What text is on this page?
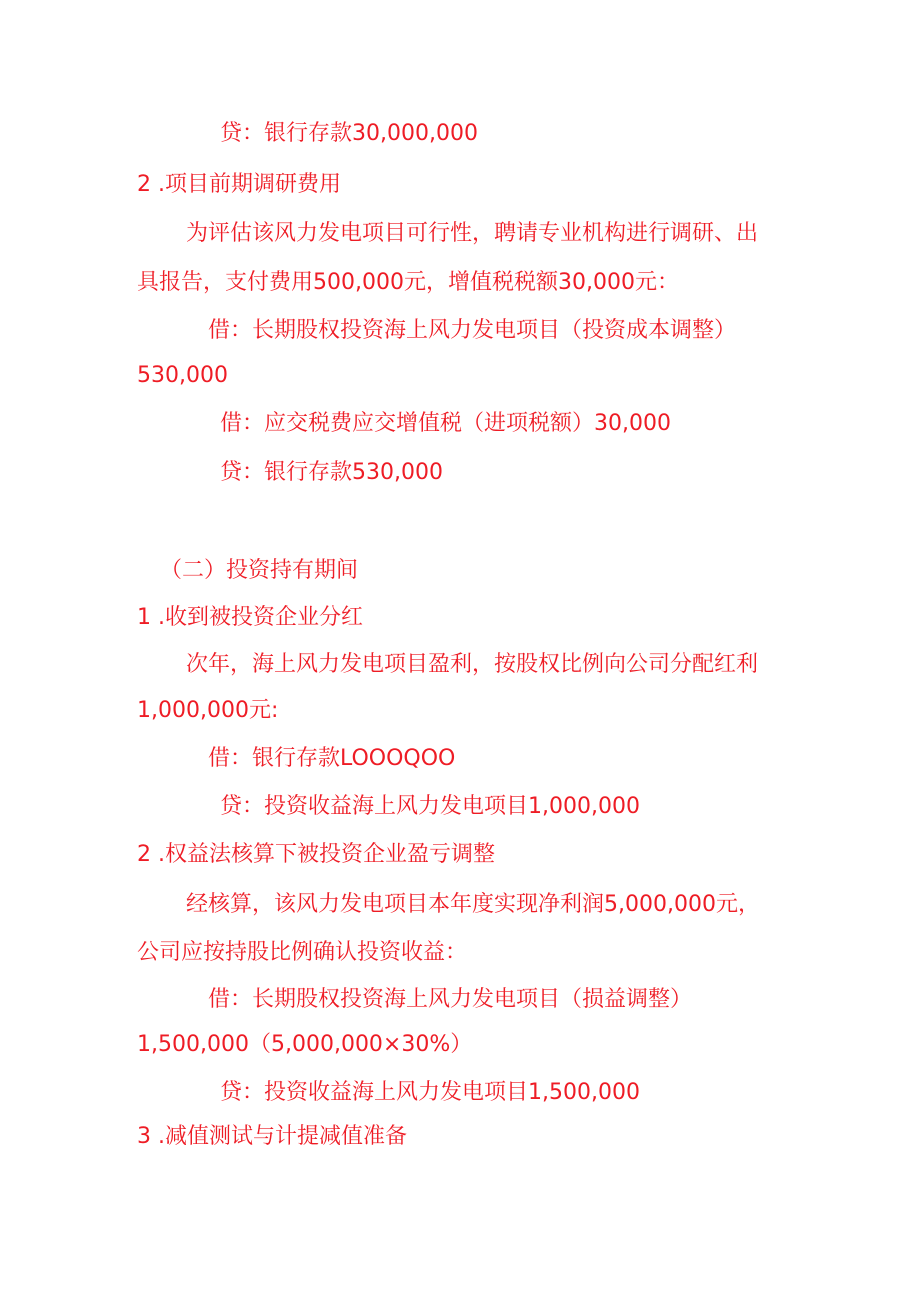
贷：银行存款30,000,000
2 .项目前期调研费用
为评估该风力发电项目可行性，聘请专业机构进行调研、出
具报告，支付费用500,000元，增值税税额30,000元：
借：长期股权投资海上风力发电项目（投资成本调整）
530,000
借：应交税费应交增值税（进项税额）30,000
贷：银行存款530,000
（二）投资持有期间
1 .收到被投资企业分红
次年，海上风力发电项目盈利，按股权比例向公司分配红利
1,000,000元:
借：银行存款LOOOQOO
贷：投资收益海上风力发电项目1,000,000
2 .权益法核算下被投资企业盈亏调整
经核算，该风力发电项目本年度实现净利润5,000,000元，
公司应按持股比例确认投资收益：
借：长期股权投资海上风力发电项目（损益调整）
1,500,000（5,000,000×30%）
贷：投资收益海上风力发电项目1,500,000
3 .减值测试与计提减值准备
